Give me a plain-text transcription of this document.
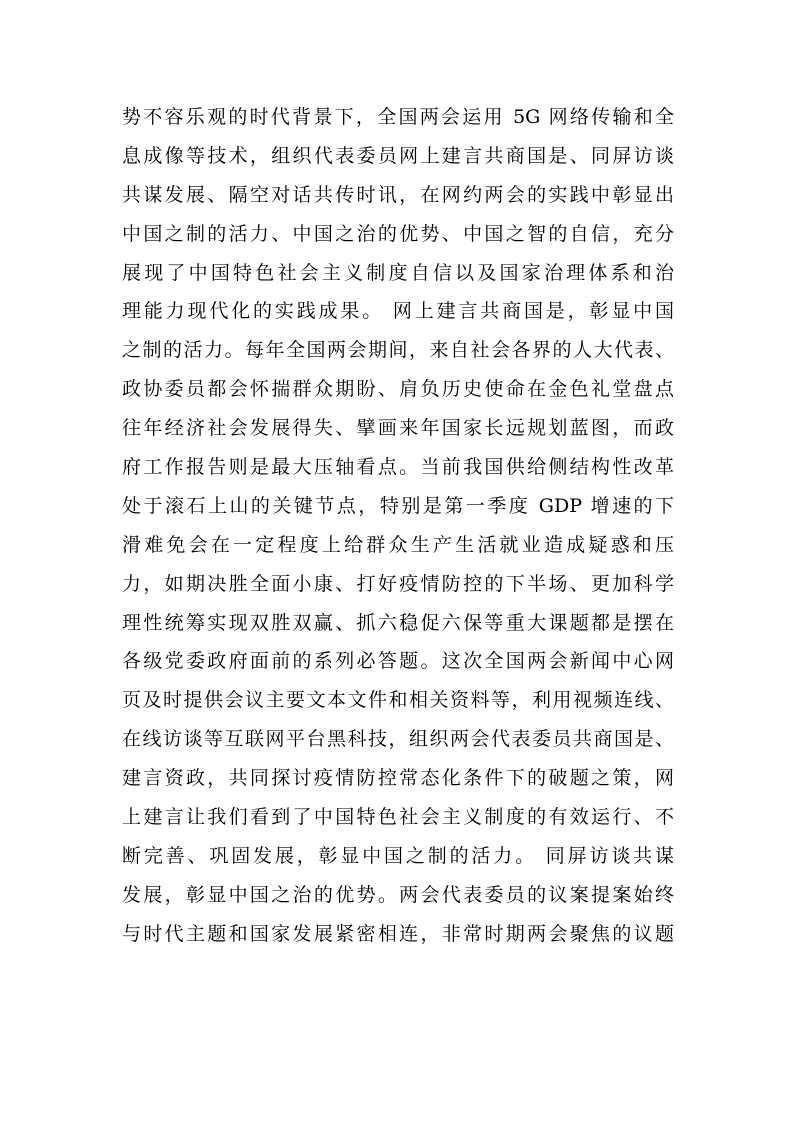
势不容乐观的时代背景下，全国两会运用 5G 网络传输和全
息成像等技术，组织代表委员网上建言共商国是、同屏访谈
共谋发展、隔空对话共传时讯，在网约两会的实践中彰显出
中国之制的活力、中国之治的优势、中国之智的自信，充分
展现了中国特色社会主义制度自信以及国家治理体系和治
理能力现代化的实践成果。 网上建言共商国是，彰显中国
之制的活力。每年全国两会期间，来自社会各界的人大代表、
政协委员都会怀揣群众期盼、肩负历史使命在金色礼堂盘点
往年经济社会发展得失、擘画来年国家长远规划蓝图，而政
府工作报告则是最大压轴看点。当前我国供给侧结构性改革
处于滚石上山的关键节点，特别是第一季度 GDP 增速的下
滑难免会在一定程度上给群众生产生活就业造成疑惑和压
力，如期决胜全面小康、打好疫情防控的下半场、更加科学
理性统筹实现双胜双赢、抓六稳促六保等重大课题都是摆在
各级党委政府面前的系列必答题。这次全国两会新闻中心网
页及时提供会议主要文本文件和相关资料等，利用视频连线、
在线访谈等互联网平台黑科技，组织两会代表委员共商国是、
建言资政，共同探讨疫情防控常态化条件下的破题之策，网
上建言让我们看到了中国特色社会主义制度的有效运行、不
断完善、巩固发展，彰显中国之制的活力。 同屏访谈共谋
发展，彰显中国之治的优势。两会代表委员的议案提案始终
与时代主题和国家发展紧密相连，非常时期两会聚焦的议题
